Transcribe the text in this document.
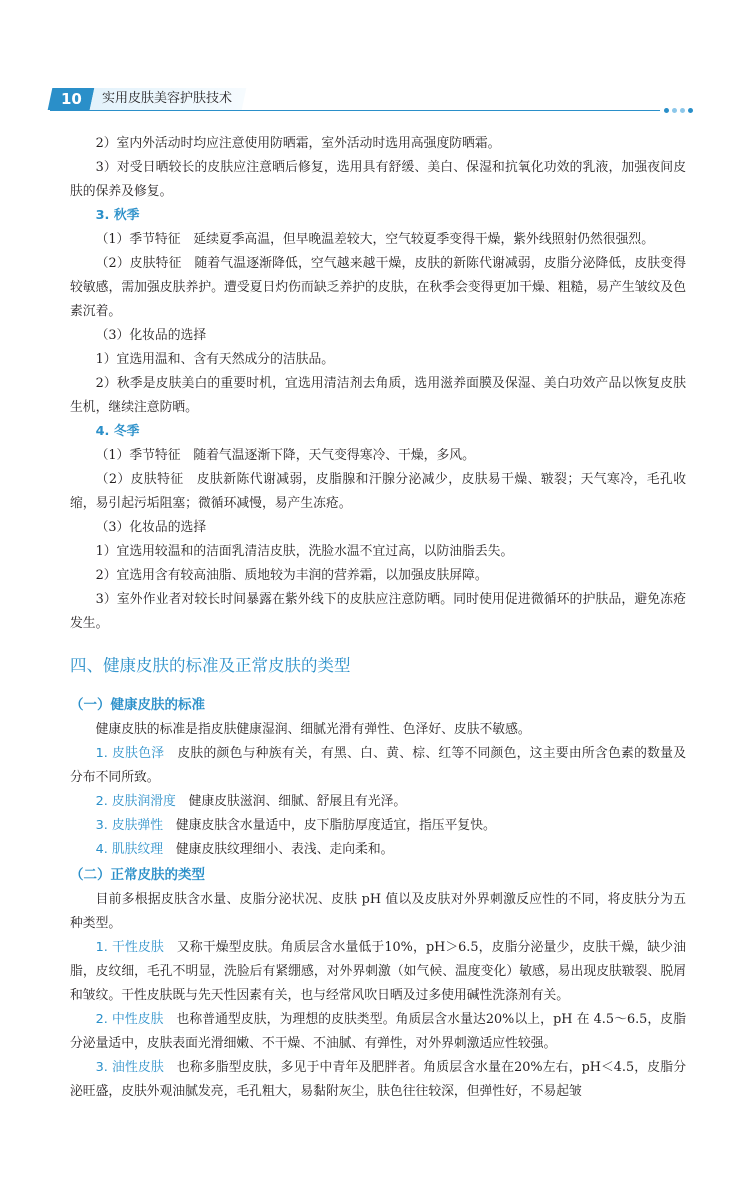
10	实用皮肤美容护肤技术

2）室内外活动时均应注意使用防晒霜，室外活动时选用高强度防晒霜。

3）对受日晒较长的皮肤应注意晒后修复，选用具有舒缓、美白、保湿和抗氧化功效的乳液，加强夜间皮肤的保养及修复。

3. 秋季

（1）季节特征 延续夏季高温，但早晚温差较大，空气较夏季变得干燥，紫外线照射仍然很强烈。

（2）皮肤特征 随着气温逐渐降低，空气越来越干燥，皮肤的新陈代谢减弱，皮脂分泌降低，皮肤变得较敏感，需加强皮肤养护。遭受夏日灼伤而缺乏养护的皮肤，在秋季会变得更加干燥、粗糙，易产生皱纹及色素沉着。

（3）化妆品的选择

1）宜选用温和、含有天然成分的洁肤品。

2）秋季是皮肤美白的重要时机，宜选用清洁剂去角质，选用滋养面膜及保湿、美白功效产品以恢复皮肤生机，继续注意防晒。

4. 冬季

（1）季节特征 随着气温逐渐下降，天气变得寒冷、干燥，多风。

（2）皮肤特征 皮肤新陈代谢减弱，皮脂腺和汗腺分泌减少，皮肤易干燥、皲裂；天气寒冷，毛孔收缩，易引起污垢阻塞；微循环减慢，易产生冻疮。

（3）化妆品的选择

1）宜选用较温和的洁面乳清洁皮肤，洗脸水温不宜过高，以防油脂丢失。

2）宜选用含有较高油脂、质地较为丰润的营养霜，以加强皮肤屏障。

3）室外作业者对较长时间暴露在紫外线下的皮肤应注意防晒。同时使用促进微循环的护肤品，避免冻疮发生。

四、健康皮肤的标准及正常皮肤的类型

（一）健康皮肤的标准

健康皮肤的标准是指皮肤健康湿润、细腻光滑有弹性、色泽好、皮肤不敏感。

1. 皮肤色泽 皮肤的颜色与种族有关，有黑、白、黄、棕、红等不同颜色，这主要由所含色素的数量及分布不同所致。

2. 皮肤润滑度 健康皮肤滋润、细腻、舒展且有光泽。

3. 皮肤弹性 健康皮肤含水量适中，皮下脂肪厚度适宜，指压平复快。

4. 肌肤纹理 健康皮肤纹理细小、表浅、走向柔和。

（二）正常皮肤的类型

目前多根据皮肤含水量、皮脂分泌状况、皮肤 pH 值以及皮肤对外界刺激反应性的不同，将皮肤分为五种类型。

1. 干性皮肤 又称干燥型皮肤。角质层含水量低于10%，pH＞6.5，皮脂分泌量少，皮肤干燥，缺少油脂，皮纹细，毛孔不明显，洗脸后有紧绷感，对外界刺激（如气候、温度变化）敏感，易出现皮肤皲裂、脱屑和皱纹。干性皮肤既与先天性因素有关，也与经常风吹日晒及过多使用碱性洗涤剂有关。

2. 中性皮肤 也称普通型皮肤，为理想的皮肤类型。角质层含水量达20%以上，pH 在 4.5～6.5，皮脂分泌量适中，皮肤表面光滑细嫩、不干燥、不油腻、有弹性，对外界刺激适应性较强。

3. 油性皮肤 也称多脂型皮肤，多见于中青年及肥胖者。角质层含水量在20%左右，pH＜4.5，皮脂分泌旺盛，皮肤外观油腻发亮，毛孔粗大，易黏附灰尘，肤色往往较深，但弹性好，不易起皱
